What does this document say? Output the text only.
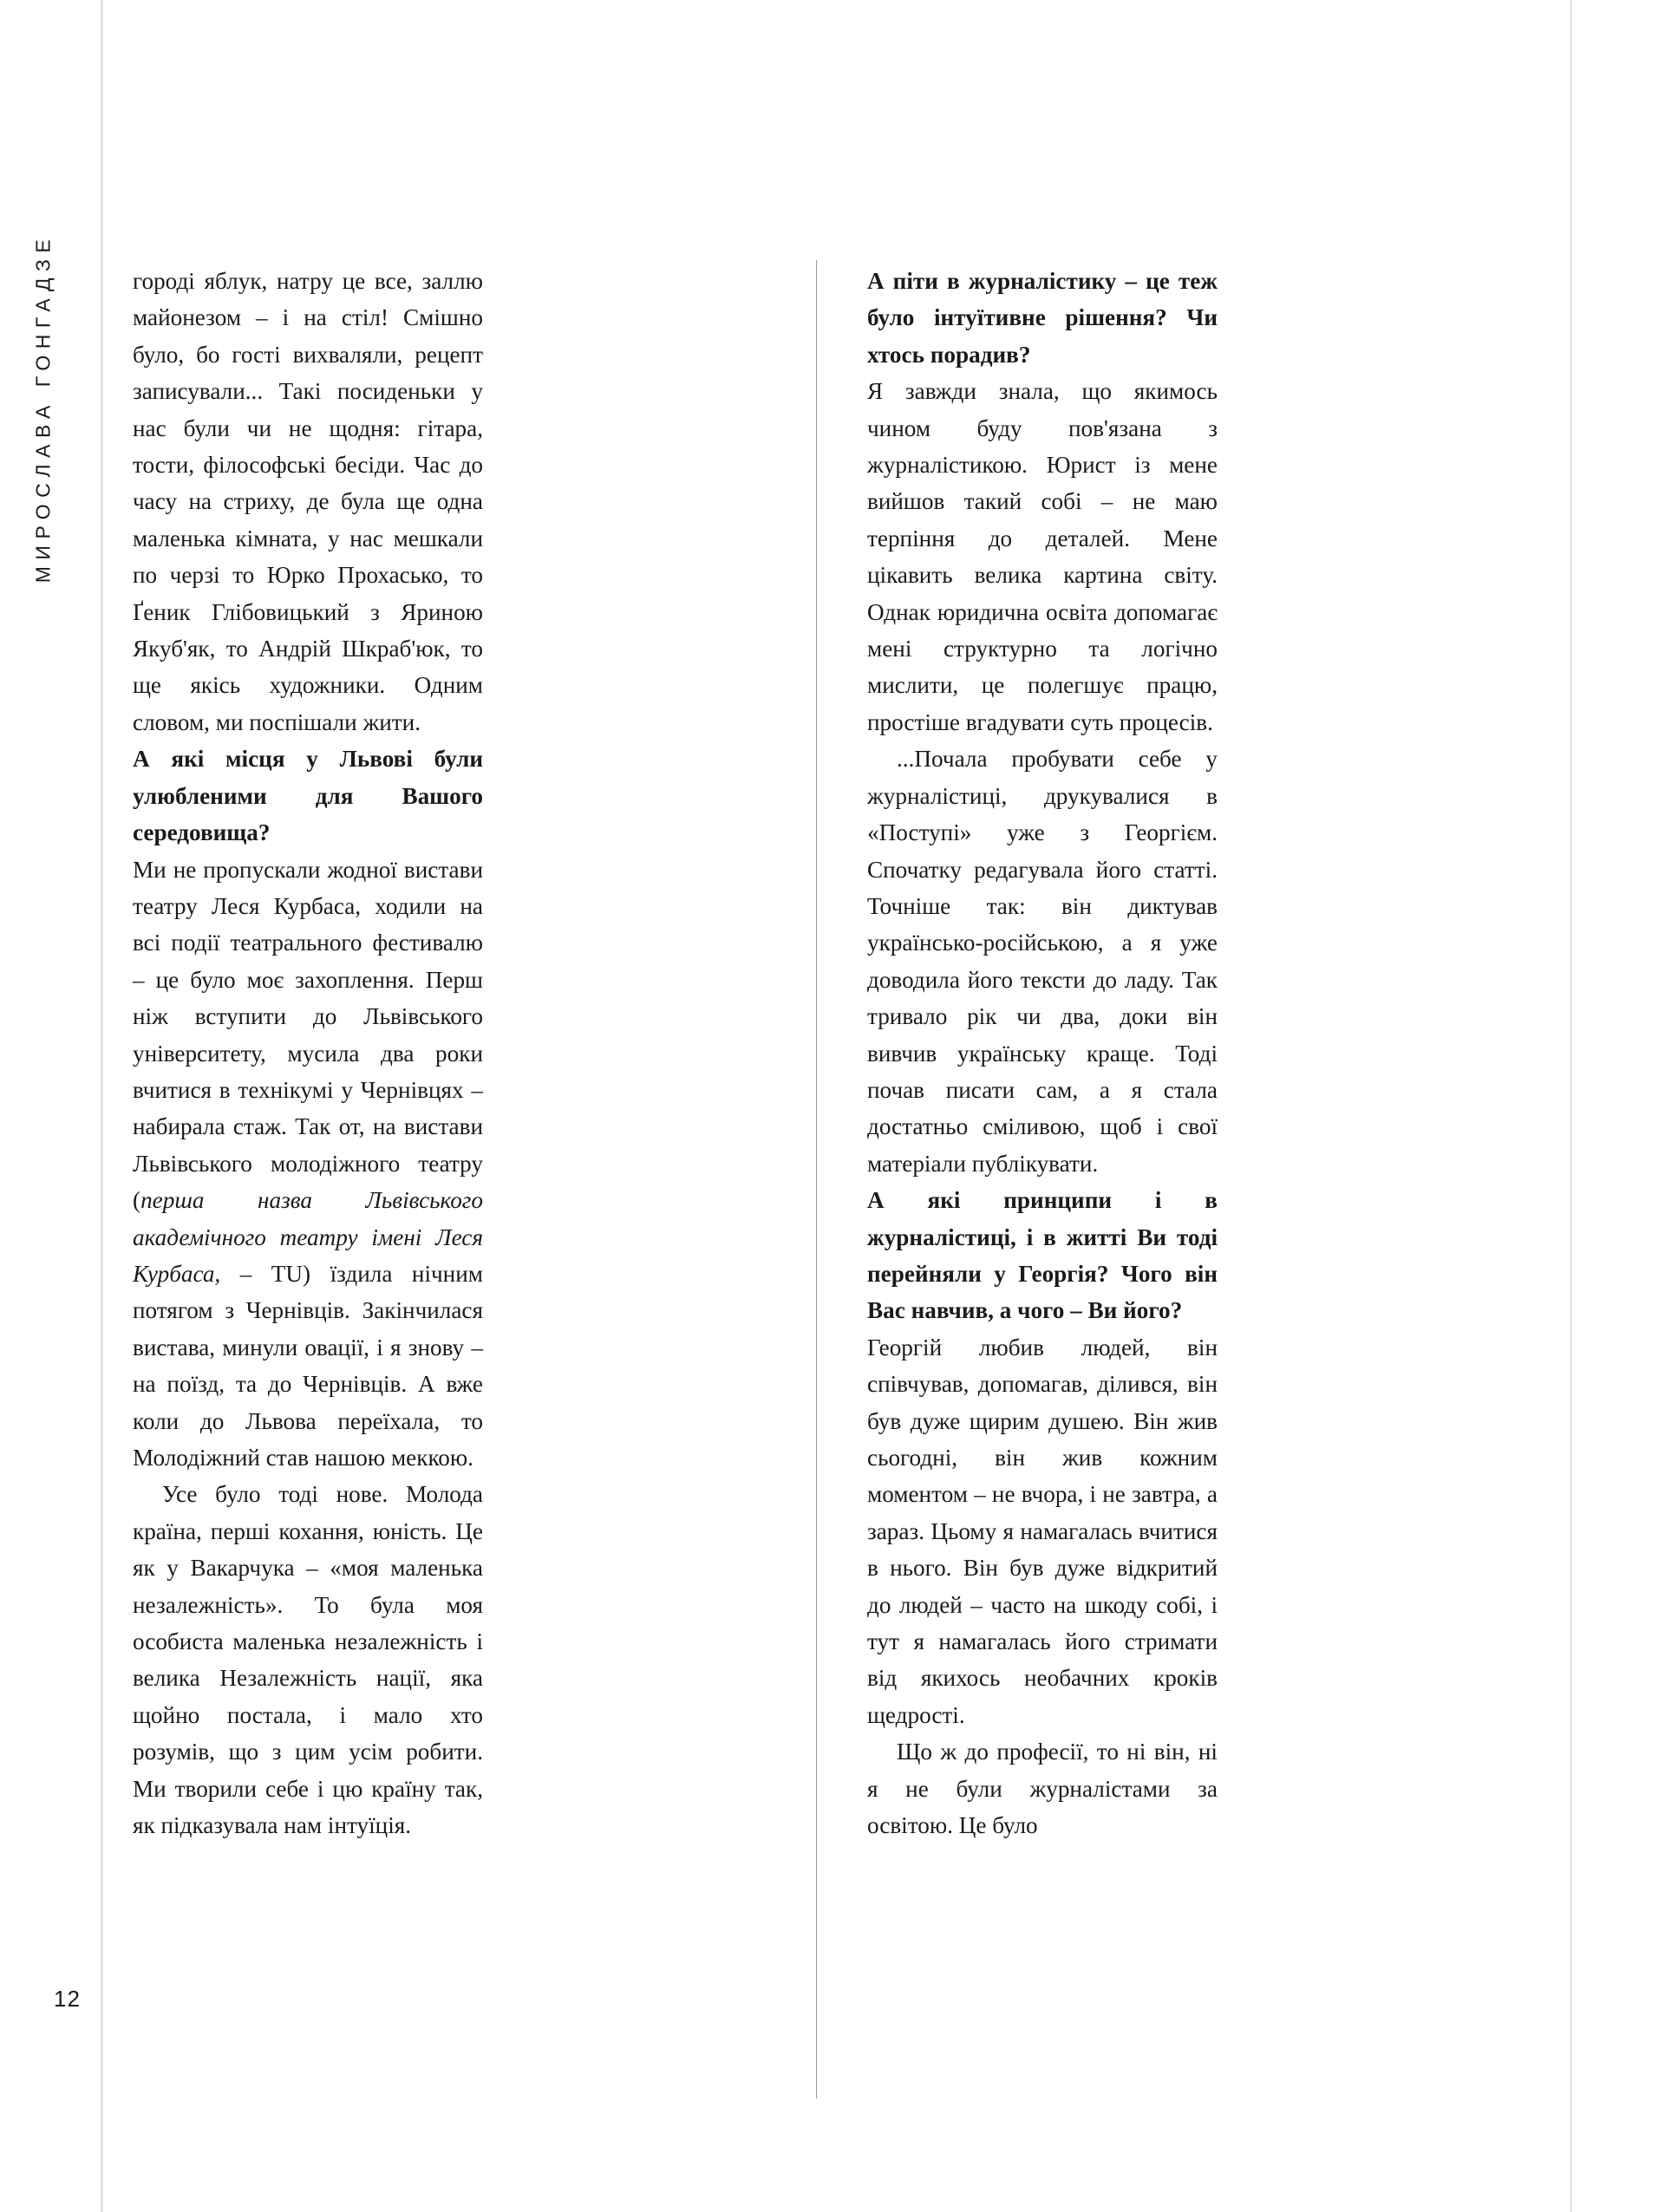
МИРОСЛАВА ГОНГАДЗЕ
12

городі яблук, натру це все, заллю майонезом – і на стіл! Смішно було, бо гості вихваляли, рецепт записували... Такі посиденьки у нас були чи не щодня: гітара, тости, філософські бесіди. Час до часу на стриху, де була ще одна маленька кімната, у нас мешкали по черзі то Юрко Прохасько, то Ґеник Глібовицький з Яриною Якуб'як, то Андрій Шкраб'юк, то ще якісь художники. Одним словом, ми поспішали жити.

А які місця у Львові були улюбленими для Вашого середовища?

Ми не пропускали жодної вистави театру Леся Курбаса, ходили на всі події театрального фестивалю – це було моє захоплення. Перш ніж вступити до Львівського університету, мусила два роки вчитися в технікумі у Чернівцях – набирала стаж. Так от, на вистави Львівського молодіжного театру (перша назва Львівського академічного театру імені Леся Курбаса, – TU) їздила нічним потягом з Чернівців. Закінчилася вистава, минули овації, і я знову – на поїзд, та до Чернівців. А вже коли до Львова переїхала, то Молодіжний став нашою меккою.

Усе було тоді нове. Молода країна, перші кохання, юність. Це як у Вакарчука – «моя маленька незалежність». То була моя особиста маленька незалежність і велика Незалежність нації, яка щойно постала, і мало хто розумів, що з цим усім робити. Ми творили себе і цю країну так, як підказувала нам інтуїція.

А піти в журналістику – це теж було інтуїтивне рішення? Чи хтось порадив?

Я завжди знала, що якимось чином буду пов'язана з журналістикою. Юрист із мене вийшов такий собі – не маю терпіння до деталей. Мене цікавить велика картина світу. Однак юридична освіта допомагає мені структурно та логічно мислити, це полегшує працю, простіше вгадувати суть процесів.

...Почала пробувати себе у журналістиці, друкувалися в «Поступі» уже з Георгієм. Спочатку редагувала його статті. Точніше так: він диктував українсько-російською, а я уже доводила його тексти до ладу. Так тривало рік чи два, доки він вивчив українську краще. Тоді почав писати сам, а я стала достатньо сміливою, щоб і свої матеріали публікувати.

А які принципи і в журналістиці, і в житті Ви тоді перейняли у Георгія? Чого він Вас навчив, а чого – Ви його?

Георгій любив людей, він співчував, допомагав, ділився, він був дуже щирим душею. Він жив сьогодні, він жив кожним моментом – не вчора, і не завтра, а зараз. Цьому я намагалась вчитися в нього. Він був дуже відкритий до людей – часто на шкоду собі, і тут я намагалась його стримати від якихось необачних кроків щедрості.

Що ж до професії, то ні він, ні я не були журналістами за освітою. Це було
